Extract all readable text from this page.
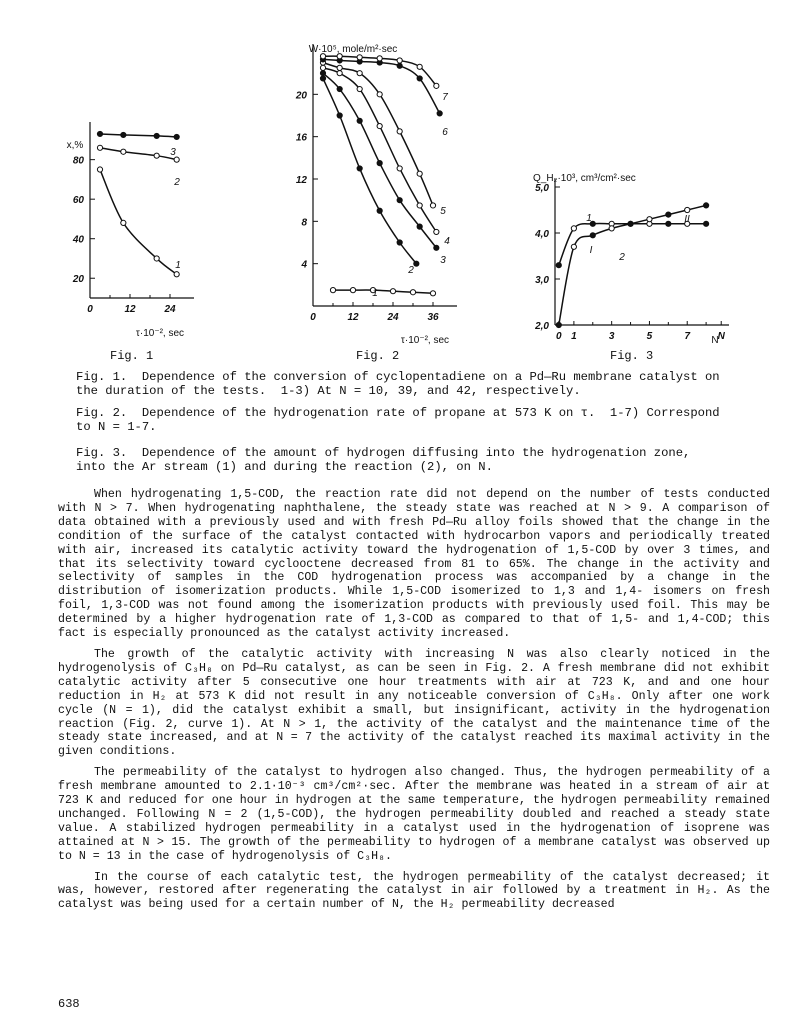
80
60
40
20
0	12	24
x,%
τ·10⁻², sec
1
2
3
20
16
12
8
4
0	12	24	36
W·10⁵, mole/m²·sec
τ·10⁻², sec
1
2
3
4
5
6
7
5,0
4,0
3,0
2,0
0 1	3	5	7	N
Q_H₂·10³, cm³/cm²·sec
N
I
II
1
2
Fig. 1	Fig. 2	Fig. 3
Fig. 1.  Dependence of the conversion of cyclopentadiene on a Pd—Ru membrane catalyst on
the duration of the tests.  1-3) At N = 10, 39, and 42, respectively.
Fig. 2.  Dependence of the hydrogenation rate of propane at 573 K on τ.  1-7) Correspond
to N = 1-7.
Fig. 3.  Dependence of the amount of hydrogen diffusing into the hydrogenation zone,
into the Ar stream (1) and during the reaction (2), on N.

When hydrogenating 1,5-COD, the reaction rate did not depend on the number of tests conducted with N > 7. When hydrogenating naphthalene, the steady state was reached at N > 9. A comparison of data obtained with a previously used and with fresh Pd—Ru alloy foils showed that the change in the condition of the surface of the catalyst contacted with hydrocarbon vapors and periodically treated with air, increased its catalytic activity toward the hydrogenation of 1,5-COD by over 3 times, and that its selectivity toward cyclooctene decreased from 81 to 65%. The change in the activity and selectivity of samples in the COD hydrogenation process was accompanied by a change in the distribution of isomerization products. While 1,5-COD isomerized to 1,3 and 1,4- isomers on fresh foil, 1,3-COD was not found among the isomerization products with previously used foil. This may be determined by a higher hydrogenation rate of 1,3-COD as compared to that of 1,5- and 1,4-COD; this fact is especially pronounced as the catalyst activity increased.

The growth of the catalytic activity with increasing N was also clearly noticed in the hydrogenolysis of C₃H₈ on Pd—Ru catalyst, as can be seen in Fig. 2. A fresh membrane did not exhibit catalytic activity after 5 consecutive one hour treatments with air at 723 K, and and one hour reduction in H₂ at 573 K did not result in any noticeable conversion of C₃H₈. Only after one work cycle (N = 1), did the catalyst exhibit a small, but insignificant, activity in the hydrogenation reaction (Fig. 2, curve 1). At N > 1, the activity of the catalyst and the maintenance time of the steady state increased, and at N = 7 the activity of the catalyst reached its maximal activity in the given conditions.

The permeability of the catalyst to hydrogen also changed. Thus, the hydrogen permeability of a fresh membrane amounted to 2.1·10⁻³ cm³/cm²·sec. After the membrane was heated in a stream of air at 723 K and reduced for one hour in hydrogen at the same temperature, the hydrogen permeability remained unchanged. Following N = 2 (1,5-COD), the hydrogen permeability doubled and reached a steady state value. A stabilized hydrogen permeability in a catalyst used in the hydrogenation of isoprene was attained at N > 15. The growth of the permeability to hydrogen of a membrane catalyst was observed up to N = 13 in the case of hydrogenolysis of C₃H₈.

In the course of each catalytic test, the hydrogen permeability of the catalyst decreased; it was, however, restored after regenerating the catalyst in air followed by a treatment in H₂. As the catalyst was being used for a certain number of N, the H₂ permeability decreased

638
